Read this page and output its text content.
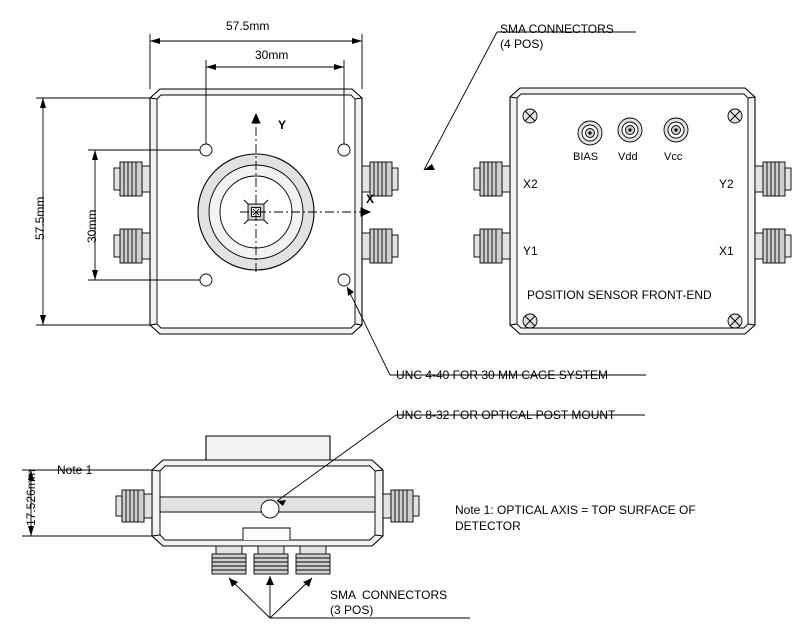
57.5mm
30mm
57.5mm	30mm
17.526mm
Y
X
SMA CONNECTORS
(4 POS)
UNC 4-40 FOR 30 MM CAGE SYSTEM
UNC 8-32 FOR OPTICAL POST MOUNT
SMA  CONNECTORS
(3 POS)
Note 1
Note 1: OPTICAL AXIS = TOP SURFACE OF
DETECTOR
BIAS Vdd Vcc
X2	Y2
Y1	X1
POSITION SENSOR FRONT-END
